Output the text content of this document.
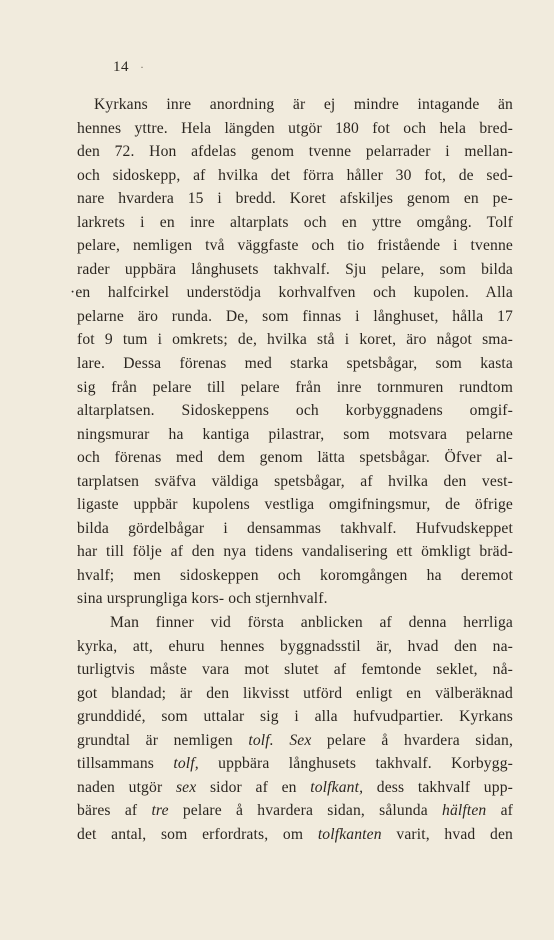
14 ·
Kyrkans inre anordning är ej mindre intagande än
hennes yttre. Hela längden utgör 180 fot och hela bred-
den 72. Hon afdelas genom tvenne pelarrader i mellan-
och sidoskepp, af hvilka det förra håller 30 fot, de sed-
nare hvardera 15 i bredd. Koret afskiljes genom en pe-
larkrets i en inre altarplats och en yttre omgång. Tolf
pelare, nemligen två väggfaste och tio fristående i tvenne
rader uppbära långhusets takhvalf. Sju pelare, som bilda
·en halfcirkel understödja korhvalfven och kupolen. Alla
pelarne äro runda. De, som finnas i långhuset, hålla 17
fot 9 tum i omkrets; de, hvilka stå i koret, äro något sma-
lare. Dessa förenas med starka spetsbågar, som kasta
sig från pelare till pelare från inre tornmuren rundtom
altarplatsen. Sidoskeppens och korbyggnadens omgif-
ningsmurar ha kantiga pilastrar, som motsvara pelarne
och förenas med dem genom lätta spetsbågar. Öfver al-
tarplatsen sväfva väldiga spetsbågar, af hvilka den vest-
ligaste uppbär kupolens vestliga omgifningsmur, de öfrige
bilda gördelbågar i densammas takhvalf. Hufvudskeppet
har till följe af den nya tidens vandalisering ett ömkligt bräd-
hvalf; men sidoskeppen och koromgången ha deremot
sina ursprungliga kors- och stjernhvalf.
Man finner vid första anblicken af denna herrliga
kyrka, att, ehuru hennes byggnadsstil är, hvad den na-
turligtvis måste vara mot slutet af femtonde seklet, nå-
got blandad; är den likvisst utförd enligt en välberäknad
grunddidé, som uttalar sig i alla hufvudpartier. Kyrkans
grundtal är nemligen tolf. Sex pelare å hvardera sidan,
tillsammans tolf, uppbära långhusets takhvalf. Korbygg-
naden utgör sex sidor af en tolfkant, dess takhvalf upp-
bäres af tre pelare å hvardera sidan, sålunda hälften af
det antal, som erfordrats, om tolfkanten varit, hvad den
